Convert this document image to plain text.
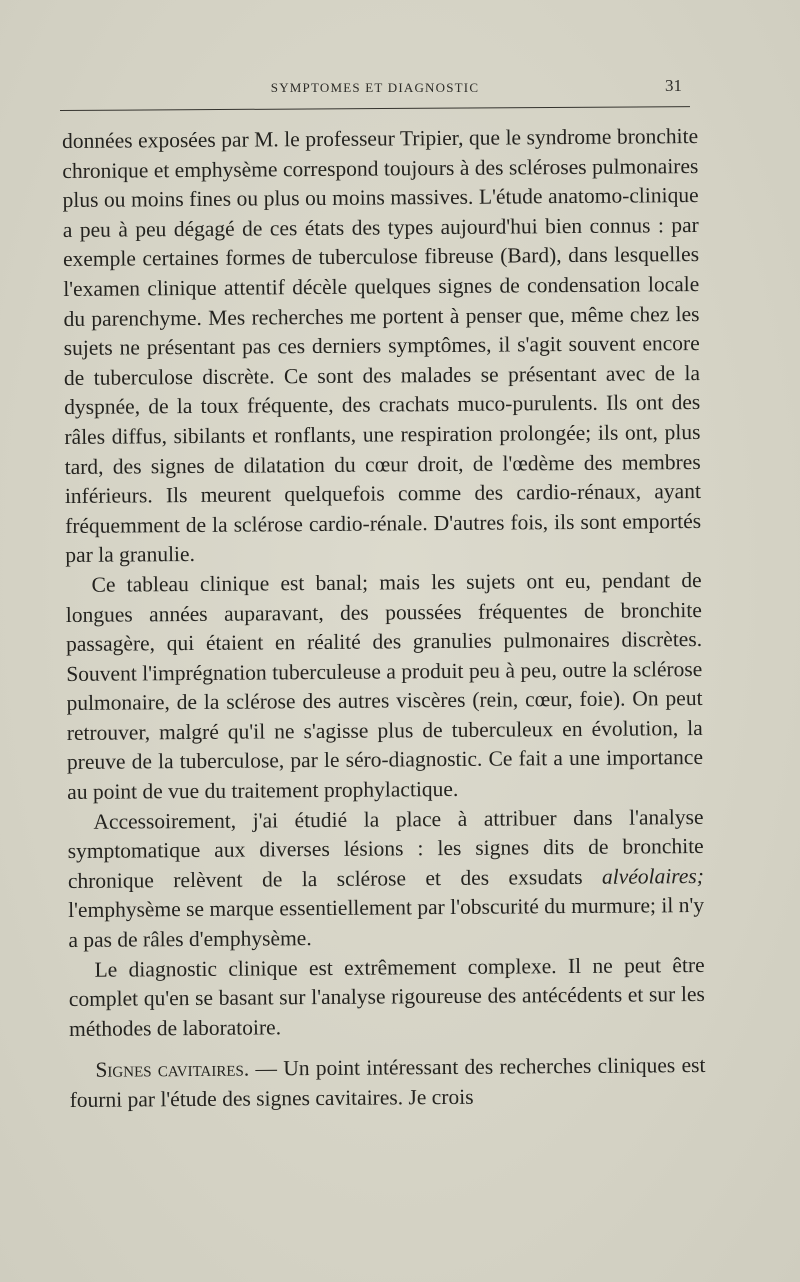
SYMPTOMES ET DIAGNOSTIC	31

données exposées par M. le professeur Tripier, que le syndrome bronchite chronique et emphysème correspond toujours à des scléroses pulmonaires plus ou moins fines ou plus ou moins massives. L'étude anatomo-clinique a peu à peu dégagé de ces états des types aujourd'hui bien connus : par exemple certaines formes de tuberculose fibreuse (Bard), dans lesquelles l'examen clinique attentif décèle quelques signes de condensation locale du parenchyme. Mes recherches me portent à penser que, même chez les sujets ne présentant pas ces derniers symptômes, il s'agit souvent encore de tuberculose discrète. Ce sont des malades se présentant avec de la dyspnée, de la toux fréquente, des crachats muco-purulents. Ils ont des râles diffus, sibilants et ronflants, une respiration prolongée; ils ont, plus tard, des signes de dilatation du cœur droit, de l'œdème des membres inférieurs. Ils meurent quelquefois comme des cardio-rénaux, ayant fréquemment de la sclérose cardio-rénale. D'autres fois, ils sont emportés par la granulie.

Ce tableau clinique est banal; mais les sujets ont eu, pendant de longues années auparavant, des poussées fréquentes de bronchite passagère, qui étaient en réalité des granulies pulmonaires discrètes. Souvent l'imprégnation tuberculeuse a produit peu à peu, outre la sclérose pulmonaire, de la sclérose des autres viscères (rein, cœur, foie). On peut retrouver, malgré qu'il ne s'agisse plus de tuberculeux en évolution, la preuve de la tuberculose, par le séro-diagnostic. Ce fait a une importance au point de vue du traitement prophylactique.

Accessoirement, j'ai étudié la place à attribuer dans l'analyse symptomatique aux diverses lésions : les signes dits de bronchite chronique relèvent de la sclérose et des exsudats alvéolaires; l'emphysème se marque essentiellement par l'obscurité du murmure; il n'y a pas de râles d'emphysème.

Le diagnostic clinique est extrêmement complexe. Il ne peut être complet qu'en se basant sur l'analyse rigoureuse des antécédents et sur les méthodes de laboratoire.

Signes cavitaires. — Un point intéressant des recherches cliniques est fourni par l'étude des signes cavitaires. Je crois
